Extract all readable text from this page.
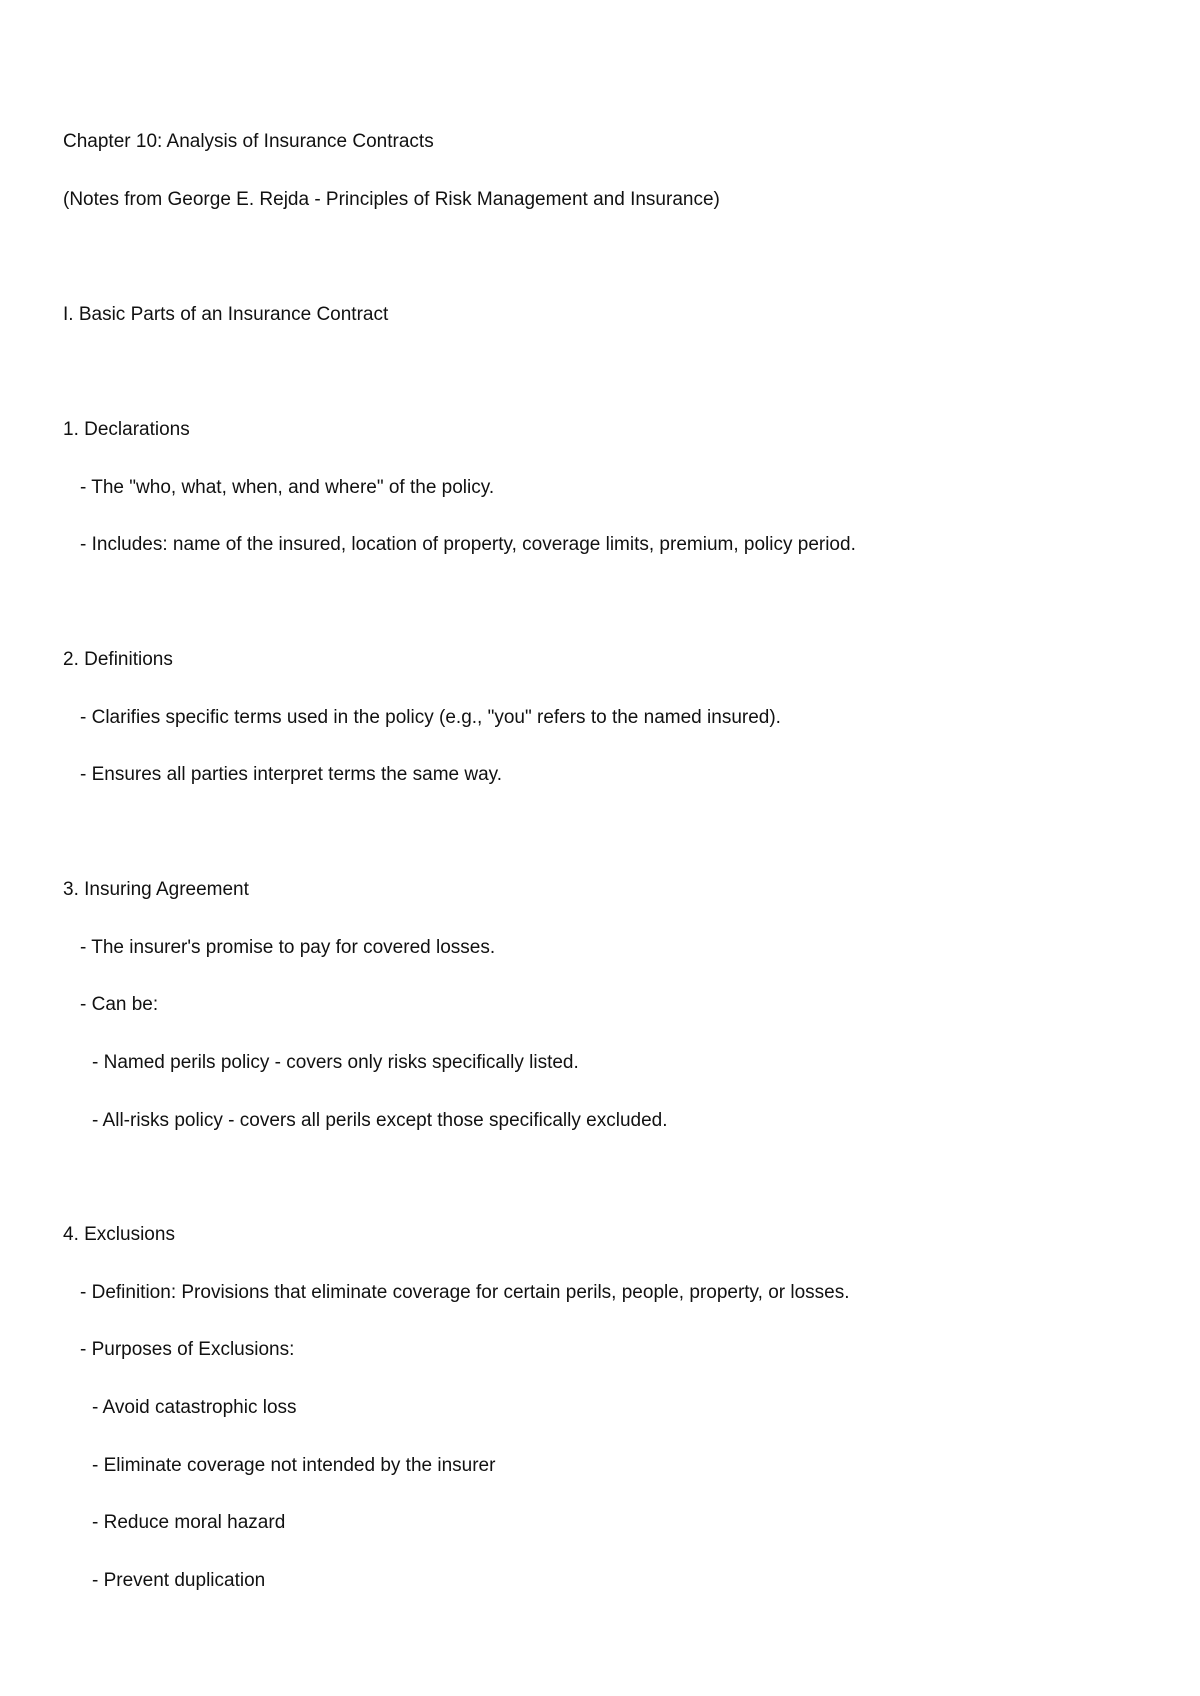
Chapter 10: Analysis of Insurance Contracts

(Notes from George E. Rejda - Principles of Risk Management and Insurance)

I. Basic Parts of an Insurance Contract

1. Declarations

- The "who, what, when, and where" of the policy.

- Includes: name of the insured, location of property, coverage limits, premium, policy period.

2. Definitions

- Clarifies specific terms used in the policy (e.g., "you" refers to the named insured).

- Ensures all parties interpret terms the same way.

3. Insuring Agreement

- The insurer's promise to pay for covered losses.

- Can be:

- Named perils policy - covers only risks specifically listed.

- All-risks policy - covers all perils except those specifically excluded.

4. Exclusions

- Definition: Provisions that eliminate coverage for certain perils, people, property, or losses.

- Purposes of Exclusions:

- Avoid catastrophic loss

- Eliminate coverage not intended by the insurer

- Reduce moral hazard

- Prevent duplication
